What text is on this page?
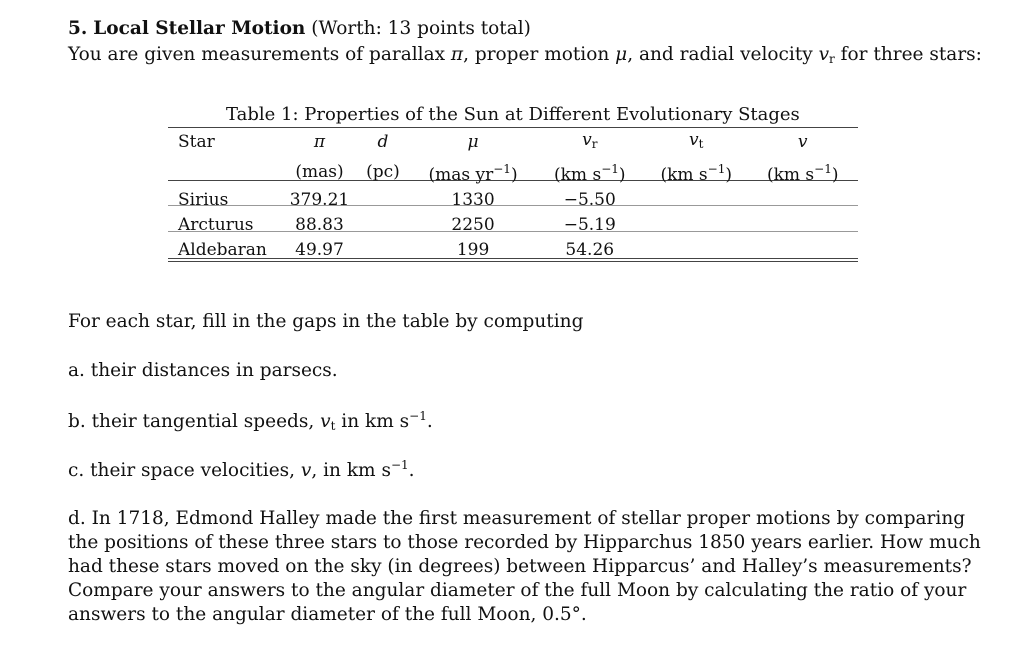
5. Local Stellar Motion (Worth: 13 points total)
You are given measurements of parallax π, proper motion μ, and radial velocity $v_r$ for three stars:
Table 1: Properties of the Sun at Different Evolutionary Stages
Star	π	d	μ	$v_r$	$v_t$	v
	(mas)	(pc)	(mas $yr^{-1}$)	(km $s^{-1}$)	(km $s^{-1}$)	(km $s^{-1}$)
Sirius	379.21		1330	−5.50		
Arcturus	88.83		2250	−5.19		
Aldebaran	49.97		199	54.26		
For each star, fill in the gaps in the table by computing
a. their distances in parsecs.
b. their tangential speeds, $v_t$ in km $s^{-1}$.
c. their space velocities, v, in km $s^{-1}$.
d. In 1718, Edmond Halley made the first measurement of stellar proper motions by comparing
the positions of these three stars to those recorded by Hipparchus 1850 years earlier. How much
had these stars moved on the sky (in degrees) between Hipparcus’ and Halley’s measurements?
Compare your answers to the angular diameter of the full Moon by calculating the ratio of your
answers to the angular diameter of the full Moon, 0.5°.
